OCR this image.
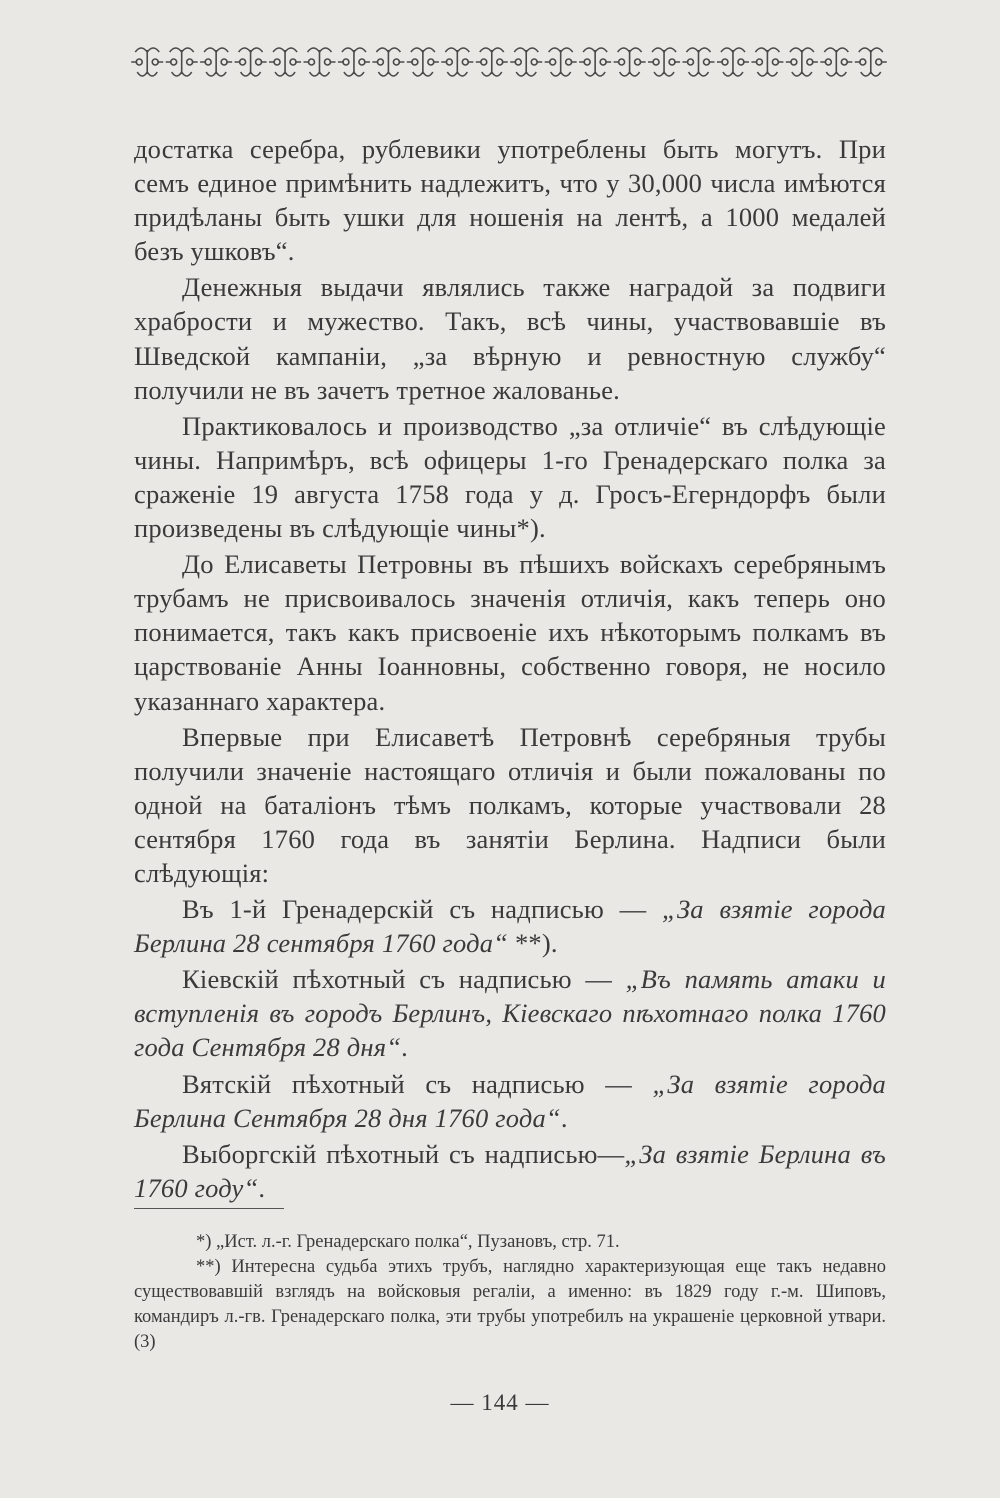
достатка серебра, рублевики употреблены быть могутъ. При семъ единое примѣнить надлежитъ, что у 30,000 числа имѣются придѣланы быть ушки для ношенія на лентѣ, а 1000 медалей безъ ушковъ“.

Денежныя выдачи являлись также наградой за подвиги храбрости и мужество. Такъ, всѣ чины, участвовавшіе въ Шведской кампаніи, „за вѣрную и ревностную службу“ получили не въ зачетъ третное жалованье.

Практиковалось и производство „за отличіе“ въ слѣдующіе чины. Напримѣръ, всѣ офицеры 1-го Гренадерскаго полка за сраженіе 19 августа 1758 года у д. Гросъ-Егерндорфъ были произведены въ слѣдующіе чины*).

До Елисаветы Петровны въ пѣшихъ войскахъ серебрянымъ трубамъ не присвоивалось значенія отличія, какъ теперь оно понимается, такъ какъ присвоеніе ихъ нѣкоторымъ полкамъ въ царствованіе Анны Іоанновны, собственно говоря, не носило указаннаго характера.

Впервые при Елисаветѣ Петровнѣ серебряныя трубы получили значеніе настоящаго отличія и были пожалованы по одной на баталіонъ тѣмъ полкамъ, которые участвовали 28 сентября 1760 года въ занятіи Берлина. Надписи были слѣдующія:

Въ 1-й Гренадерскій съ надписью — „За взятіе города Берлина 28 сентября 1760 года“ **).

Кіевскій пѣхотный съ надписью — „Въ память атаки и вступленія въ городъ Берлинъ, Кіевскаго пѣхотнаго полка 1760 года Сентября 28 дня“.

Вятскій пѣхотный съ надписью — „За взятіе города Берлина Сентября 28 дня 1760 года“.

Выборгскій пѣхотный съ надписью—„За взятіе Берлина въ 1760 году“.

*) „Ист. л.-г. Гренадерскаго полка“, Пузановъ, стр. 71.

**) Интересна судьба этихъ трубъ, наглядно характеризующая еще такъ недавно существовавшій взглядъ на войсковыя регаліи, а именно: въ 1829 году г.-м. Шиповъ, командиръ л.-гв. Гренадерскаго полка, эти трубы употребилъ на украшеніе церковной утвари. (3)

— 144 —
